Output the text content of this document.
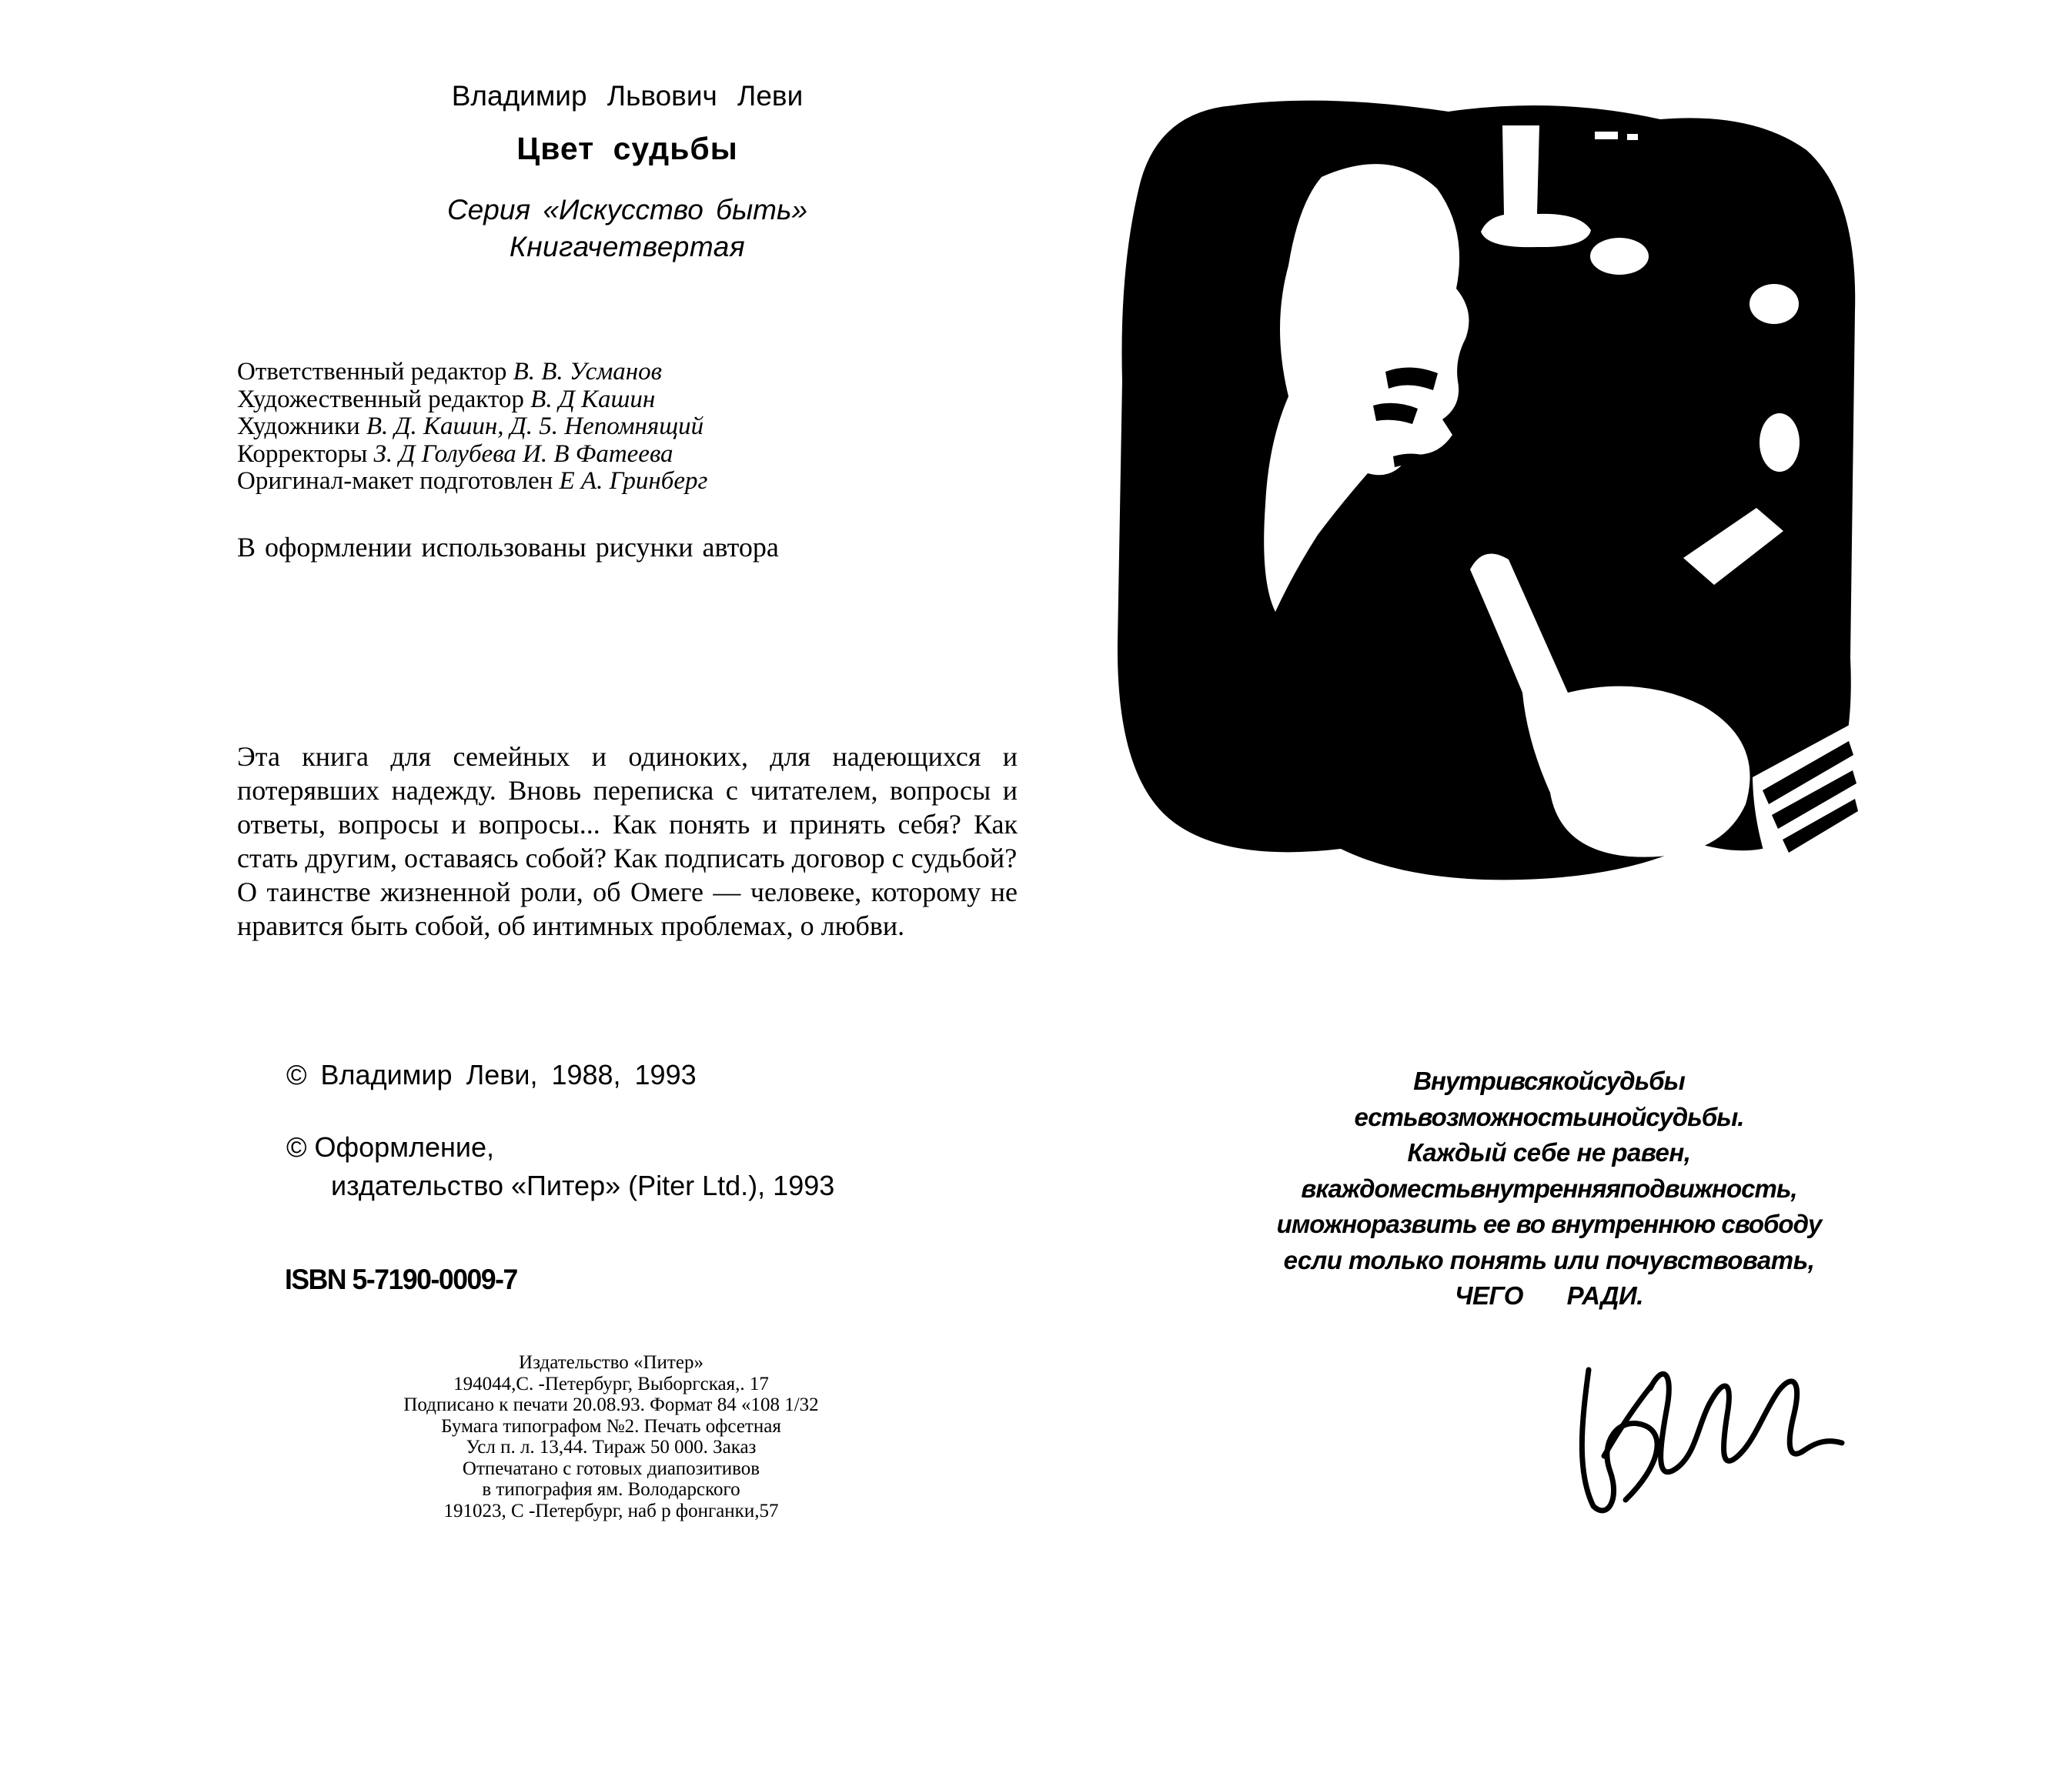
Владимир Львович Леви
Цвет судьбы
Серия «Искусство быть»
Книгачетвертая
Ответственный редактор В. В. Усманов
Художественный редактор В. Д Кашин
Художники В. Д. Кашин, Д. 5. Непомнящий
Корректоры З. Д Голубева И. В Фатеева
Оригинал-макет подготовлен Е А. Гринберг
В оформлении использованы рисунки автора

Эта книга для семейных и одиноких, для надеющихся и потерявших надежду. Вновь переписка с читателем, вопросы и ответы, вопросы и вопросы... Как понять и принять себя? Как стать другим, оставаясь собой? Как подписать договор с судьбой?

О таинстве жизненной роли, об Омеге — человеке, которому не нравится быть собой, об интимных проблемах, о любви.

© Владимир Леви, 1988, 1993
© Оформление,
издательство «Питер» (Piter Ltd.), 1993
ISBN 5-7190-0009-7
Издательство «Питер»
194044,С. -Петербург, Выборгская,. 17
Подписано к печати 20.08.93. Формат 84 «108 1/32
Бумага типографом №2. Печать офсетная
Усл п. л. 13,44. Тираж 50 000. Заказ
Отпечатано с готовых диапозитивов
в типография ям. Володарского
191023, С -Петербург, наб р фонганки,57
Внутривсякойсудьбы
естьвозможностьинойсудьбы.
Каждый себе не равен,
вкаждоместьвнутренняяподвижность,
иможноразвить ее во внутреннюю свободу
если только понять или почувствовать,
ЧЕГО РАДИ.
